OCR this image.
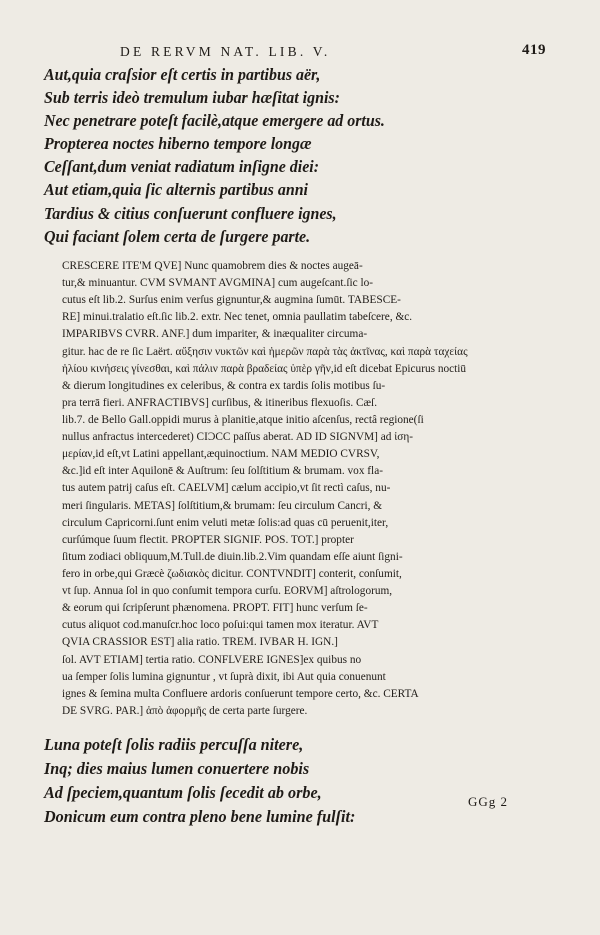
DE RERVM NAT. LIB. V.	419
Aut,quia craſsior eſt certis in partibus aër,
Sub terris ideò tremulum iubar hæſitat ignis:
Nec penetrare poteſt facilè,atque emergere ad ortus.
Propterea noctes hiberno tempore longæ
Ceſſant,dum veniat radiatum inſigne diei:
Aut etiam,quia ſic alternis partibus anni
Tardius & citius conſuerunt confluere ignes,
Qui faciant ſolem certa de ſurgere parte.
CRESCERE ITE'M QVE] Nunc quamobrem dies & noctes augeā-
tur,& minuantur. CVM SVMANT AVGMINA] cum augeſcant.ſic lo-
cutus eſt lib.2. Surſus enim verſus gignuntur,& augmina ſumūt. TABESCE-
RE] minui.tralatio eſt.ſic lib.2. extr. Nec tenet, omnia paullatim tabeſcere, &c.
IMPARIBVS CVRR. ANF.] dum impariter, & inæqualiter circuma-
gitur. hac de re ſic Laërt. αὔξησιν νυκτῶν καὶ ἡμερῶν παρὰ τὰς ἀκτῖνας, καὶ παρὰ ταχείας
ἡλίου κινήσεις γίνεσθαι, καὶ πάλιν παρὰ βραδείας ὑπὲρ γῆν,id eſt dicebat Epicurus noctiū
& dierum longitudines ex celeribus, & contra ex tardis ſolis motibus ſu-
pra terrā fieri. ANFRACTIBVS] curſibus, & itineribus flexuoſis. Cæſ.
lib.7. de Bello Gall.oppidi murus à planitie,atque initio aſcenſus, rectâ regione(ſi
nullus anfractus intercederet) CIƆCC paſſus aberat. AD ID SIGNVM] ad ἰση-
μερίαν,id eſt,vt Latini appellant,æquinoctium. NAM MEDIO CVRSV,
&c.]id eſt inter Aquilonē & Auſtrum: ſeu ſolſtitium & brumam. vox fla-
tus autem patrij caſus eſt. CAELVM] cælum accipio,vt ſit rectì caſus, nu-
meri ſingularis. METAS] ſolſtitium,& brumam: ſeu circulum Cancri, &
circulum Capricorni.ſunt enim veluti metæ ſolis:ad quas cū peruenit,iter,
curſúmque ſuum flectit. PROPTER SIGNIF. POS. TOT.] propter
ſitum zodiaci obliquum,M.Tull.de diuin.lib.2.Vim quandam eſſe aiunt ſigni-
fero in orbe,qui Græcè ζωδιακὸς dicitur. CONTVNDIT] conterit, conſumit,
vt ſup. Annua ſol in quo conſumit tempora curſu. EORVM] aſtrologorum,
& eorum qui ſcripſerunt phænomena. PROPT. FIT] hunc verſum ſe-
cutus aliquot cod.manuſcr.hoc loco poſui:qui tamen mox iteratur. AVT
QVIA CRASSIOR EST] alia ratio. TREM. IVBAR H. IGN.]
ſol. AVT ETIAM] tertia ratio. CONFLVERE IGNES]ex quibus no
ua ſemper ſolis lumina gignuntur , vt ſuprà dixit, ibi Aut quia conuenunt
ignes & ſemina multa Confluere ardoris conſuerunt tempore certo, &c. CERTA
DE SVRG. PAR.] ἀπὸ ἀφορμῆς de certa parte ſurgere.
Luna poteſt ſolis radiis percuſſa nitere,
Inq; dies maius lumen conuertere nobis
Ad ſpeciem,quantum ſolis ſecedit ab orbe,
Donicum eum contra pleno bene lumine fulſit:
GGg 2
